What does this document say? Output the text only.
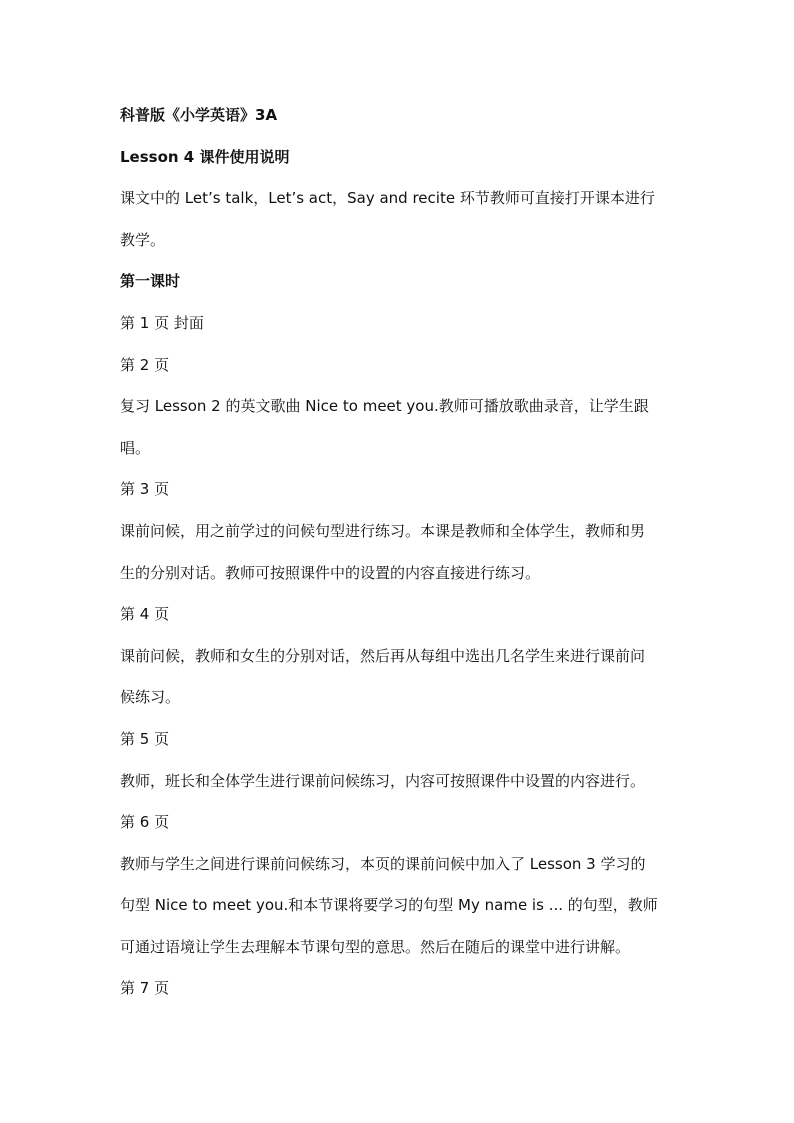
科普版《小学英语》3A

Lesson 4 课件使用说明

课文中的 Let’s talk，Let’s act，Say and recite 环节教师可直接打开课本进行

教学。

第一课时

第 1 页 封面

第 2 页

复习 Lesson 2 的英文歌曲 Nice to meet you.教师可播放歌曲录音，让学生跟

唱。

第 3 页

课前问候，用之前学过的问候句型进行练习。本课是教师和全体学生，教师和男

生的分别对话。教师可按照课件中的设置的内容直接进行练习。

第 4 页

课前问候，教师和女生的分别对话，然后再从每组中选出几名学生来进行课前问

候练习。

第 5 页

教师，班长和全体学生进行课前问候练习，内容可按照课件中设置的内容进行。

第 6 页

教师与学生之间进行课前问候练习，本页的课前问候中加入了 Lesson 3 学习的

句型 Nice to meet you.和本节课将要学习的句型 My name is ... 的句型，教师

可通过语境让学生去理解本节课句型的意思。然后在随后的课堂中进行讲解。

第 7 页
